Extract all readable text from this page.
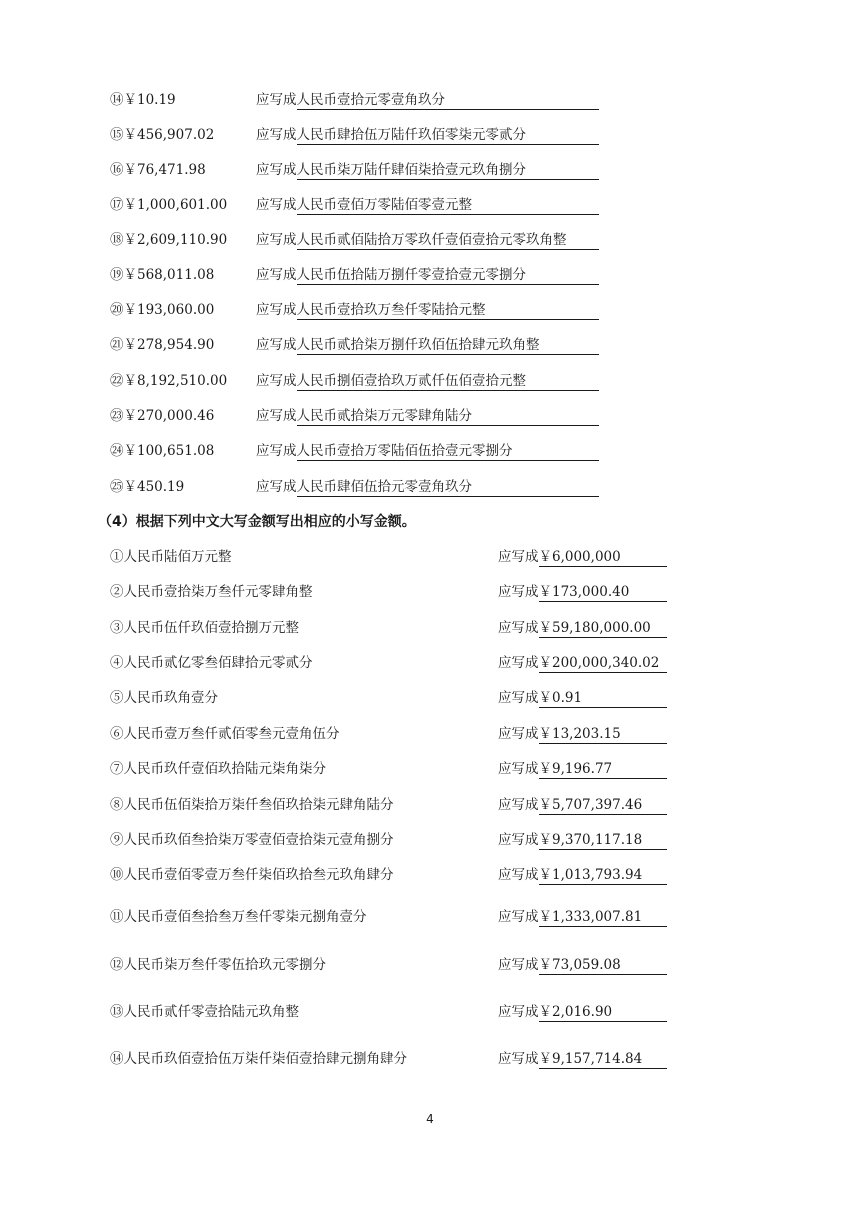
⑭￥10.19	应写成人民币壹拾元零壹角玖分
⑮￥456,907.02	应写成人民币肆拾伍万陆仟玖佰零柒元零贰分
⑯￥76,471.98	应写成人民币柒万陆仟肆佰柒拾壹元玖角捌分
⑰￥1,000,601.00 应写成人民币壹佰万零陆佰零壹元整
⑱￥2,609,110.90 应写成人民币贰佰陆拾万零玖仟壹佰壹拾元零玖角整
⑲￥568,011.08	应写成人民币伍拾陆万捌仟零壹拾壹元零捌分
⑳￥193,060.00	应写成人民币壹拾玖万叁仟零陆拾元整
㉑￥278,954.90	应写成人民币贰拾柒万捌仟玖佰伍拾肆元玖角整
㉒￥8,192,510.00 应写成人民币捌佰壹拾玖万贰仟伍佰壹拾元整
㉓￥270,000.46	应写成人民币贰拾柒万元零肆角陆分
㉔￥100,651.08	应写成人民币壹拾万零陆佰伍拾壹元零捌分
㉕￥450.19	应写成人民币肆佰伍拾元零壹角玖分
（4）根据下列中文大写金额写出相应的小写金额。
①人民币陆佰万元整	应写成￥6,000,000
②人民币壹拾柒万叁仟元零肆角整	应写成￥173,000.40
③人民币伍仟玖佰壹拾捌万元整	应写成￥59,180,000.00
④人民币贰亿零叁佰肆拾元零贰分	应写成￥200,000,340.02
⑤人民币玖角壹分	应写成￥0.91
⑥人民币壹万叁仟贰佰零叁元壹角伍分	应写成￥13,203.15
⑦人民币玖仟壹佰玖拾陆元柒角柒分	应写成￥9,196.77
⑧人民币伍佰柒拾万柒仟叁佰玖拾柒元肆角陆分	应写成￥5,707,397.46
⑨人民币玖佰叁拾柒万零壹佰壹拾柒元壹角捌分	应写成￥9,370,117.18
⑩人民币壹佰零壹万叁仟柒佰玖拾叁元玖角肆分	应写成￥1,013,793.94
⑪人民币壹佰叁拾叁万叁仟零柒元捌角壹分	应写成￥1,333,007.81
⑫人民币柒万叁仟零伍拾玖元零捌分	应写成￥73,059.08
⑬人民币贰仟零壹拾陆元玖角整	应写成￥2,016.90
⑭人民币玖佰壹拾伍万柒仟柒佰壹拾肆元捌角肆分	应写成￥9,157,714.84
4
